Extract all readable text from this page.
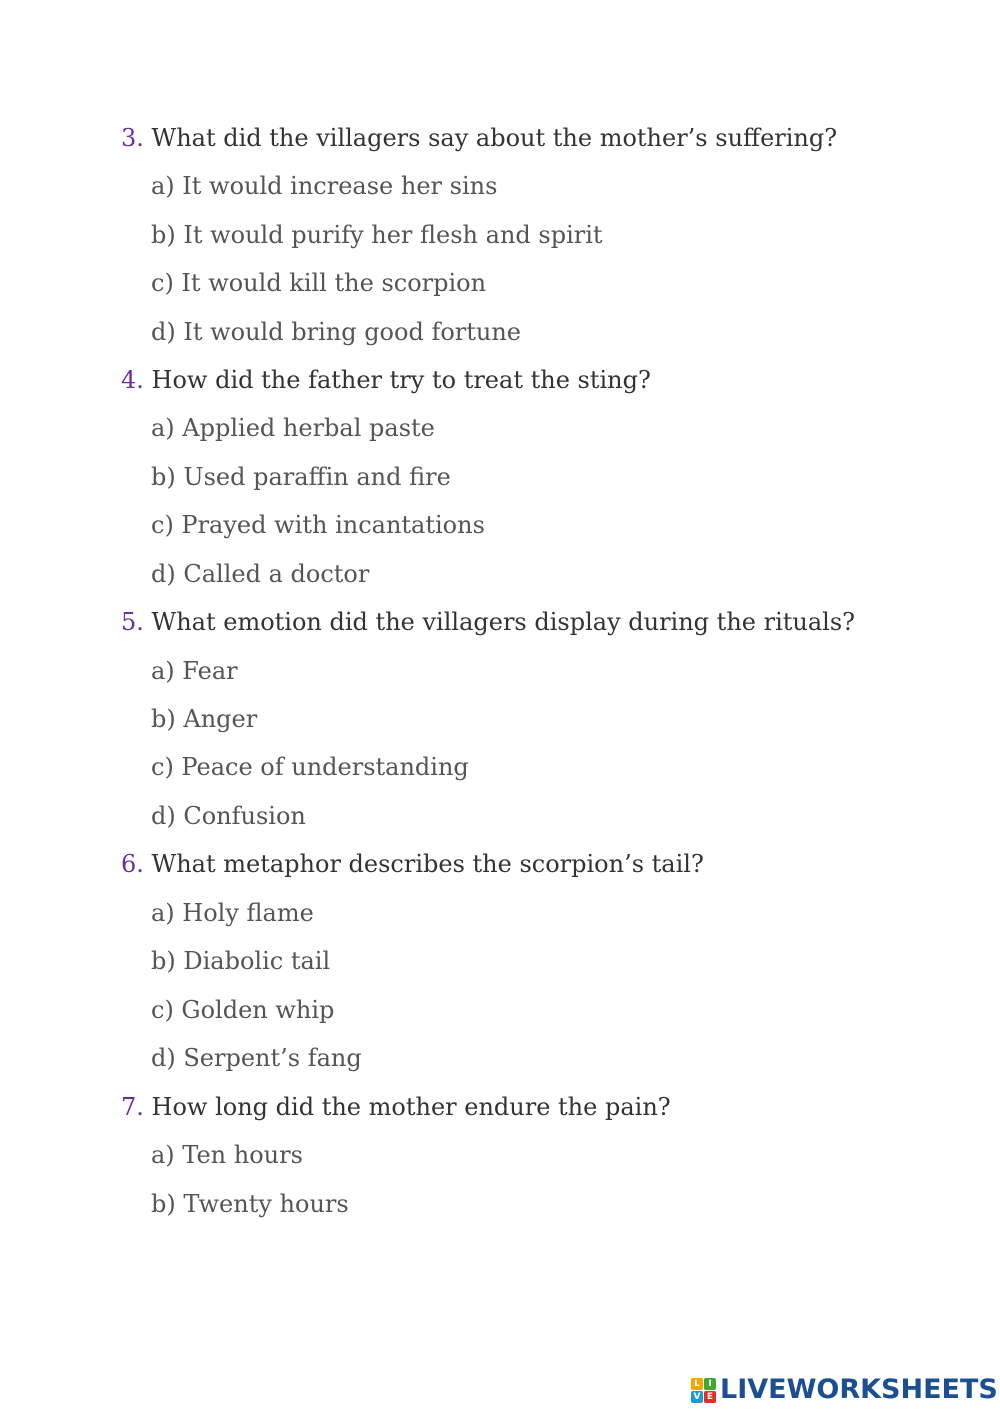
3. What did the villagers say about the mother’s suffering?
a) It would increase her sins
b) It would purify her flesh and spirit
c) It would kill the scorpion
d) It would bring good fortune
4. How did the father try to treat the sting?
a) Applied herbal paste
b) Used paraffin and fire
c) Prayed with incantations
d) Called a doctor
5. What emotion did the villagers display during the rituals?
a) Fear
b) Anger
c) Peace of understanding
d) Confusion
6. What metaphor describes the scorpion’s tail?
a) Holy flame
b) Diabolic tail
c) Golden whip
d) Serpent’s fang
7. How long did the mother endure the pain?
a) Ten hours
b) Twenty hours
L I
V E LIVEWORKSHEETS
